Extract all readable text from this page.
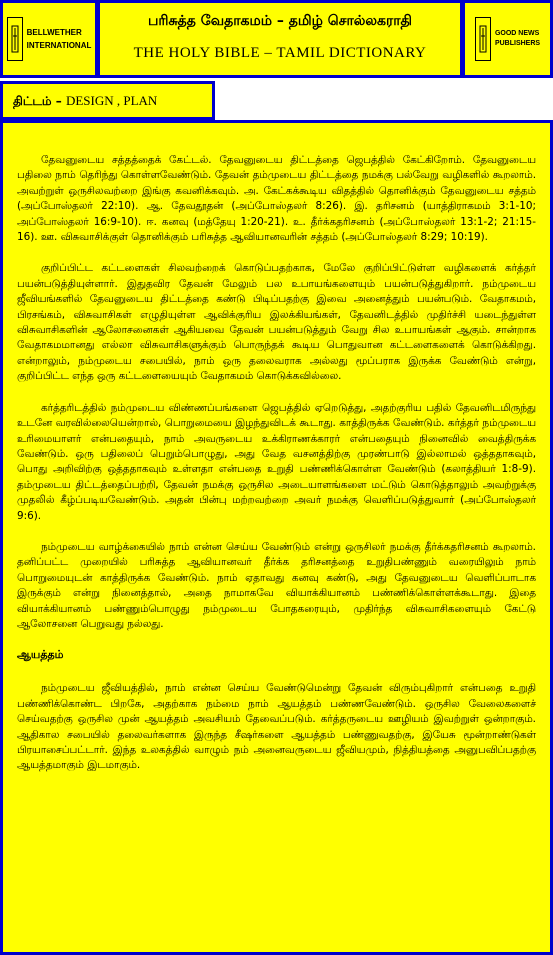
BELLWETHER
INTERNATIONAL
பரிசுத்த வேதாகமம் – தமிழ் சொல்லகராதி
THE HOLY BIBLE – TAMIL DICTIONARY
GOOD NEWS
PUBLISHERS
திட்டம் – DESIGN , PLAN

தேவனுடைய சத்தத்தைக் கேட்டல். தேவனுடைய திட்டத்தை ஜெபத்தில் கேட்கிறோம். தேவனுடைய பதிலை நாம் தெரிந்து கொள்ளவேண்டும். தேவன் தம்முடைய திட்டத்தை நமக்கு பல்வேறு வழிகளில் கூறலாம். அவற்றுள் ஒருசிலவற்றை இங்கு கவனிக்கவும். அ. கேட்கக்கூடிய விதத்தில் தொனிக்கும் தேவனுடைய சத்தம் (அப்போஸ்தலர் 22:10). ஆ. தேவதூதன் (அப்போஸ்தலர் 8:26). இ. தரிசனம் (யாத்திராகமம் 3:1-10; அப்போஸ்தலர் 16:9-10). ஈ. கனவு (மத்தேயு 1:20-21). உ. தீர்க்கதரிசனம் (அப்போஸ்தலர் 13:1-2; 21:15-16). ஊ. விசுவாசிக்குள் தொனிக்கும் பரிசுத்த ஆவியானவரின் சத்தம் (அப்போஸ்தலர் 8:29; 10:19).

குறிப்பிட்ட கட்டளைகள் சிலவற்றைக் கொடுப்பதற்காக, மேலே குறிப்பிட்டுள்ள வழிகளைக் கர்த்தர் பயன்படுத்தியுள்ளார். இதுதவிர தேவன் மேலும் பல உபாயங்களையும் பயன்படுத்துகிறார். நம்முடைய ஜீவியங்களில் தேவனுடைய திட்டத்தை கண்டு பிடிப்பதற்கு இவை அனைத்தும் பயன்படும். வேதாகமம், பிரசங்கம், விசுவாசிகள் எழுதியுள்ள ஆவிக்குரிய இலக்கியங்கள், தேவனிடத்தில் முதிர்ச்சி யடைந்துள்ள விசுவாசிகளின் ஆலோசனைகள் ஆகியவை தேவன் பயன்படுத்தும் வேறு சில உபாயங்கள் ஆகும். சான்றாக வேதாகமமானது எல்லா விசுவாசிகளுக்கும் பொருந்தக் கூடிய பொதுவான கட்டளைகளைக் கொடுக்கிறது. என்றாலும், நம்முடைய சபையில், நாம் ஒரு தலைவராக அல்லது மூப்பராக இருக்க வேண்டும் என்று, குறிப்பிட்ட எந்த ஒரு கட்டளையையும் வேதாகமம் கொடுக்கவில்லை.

கர்த்தரிடத்தில் நம்முடைய விண்ணப்பங்களை ஜெபத்தில் ஏறெடுத்து, அதற்குரிய பதில் தேவனிடமிருந்து உடனே வரவில்லையென்றால், பொறுமையை இழந்துவிடக் கூடாது. காத்திருக்க வேண்டும். கர்த்தர் நம்முடைய உரிமையாளர் என்பதையும், நாம் அவருடைய உக்கிராணக்காரர் என்பதையும் நினைவில் வைத்திருக்க வேண்டும். ஒரு பதிலைப் பெறும்பொழுது, அது வேத வசனத்திற்கு முரண்பாடு இல்லாமல் ஒத்ததாகவும், பொது அறிவிற்கு ஒத்ததாகவும் உள்ளதா என்பதை உறுதி பண்ணிக்கொள்ள வேண்டும் (கலாத்தியர் 1:8-9). தம்முடைய திட்டத்தைப்பற்றி, தேவன் நமக்கு ஒருசில அடையாளங்களை மட்டும் கொடுத்தாலும் அவற்றுக்கு முதலில் கீழ்ப்படியவேண்டும். அதன் பின்பு மற்றவற்றை அவர் நமக்கு வெளிப்படுத்துவார் (அப்போஸ்தலர் 9:6).

நம்முடைய வாழ்க்கையில் நாம் என்ன செய்ய வேண்டும் என்று ஒருசிலர் நமக்கு தீர்க்கதரிசனம் கூறலாம். தனிப்பட்ட முறையில் பரிசுத்த ஆவியானவர் தீர்க்க தரிசனத்தை உறுதிபண்ணும் வரையிலும் நாம் பொறுமையுடன் காத்திருக்க வேண்டும். நாம் ஏதாவது கனவு கண்டு, அது தேவனுடைய வெளிப்பாடாக இருக்கும் என்று நினைத்தால், அதை நாமாகவே வியாக்கியானம் பண்ணிக்கொள்ளக்கூடாது. இதை வியாக்கியானம் பண்ணும்பொழுது நம்முடைய போதகரையும், முதிர்ந்த விசுவாசிகளையும் கேட்டு ஆலோசனை பெறுவது நல்லது.

ஆயத்தம்

நம்முடைய ஜீவியத்தில், நாம் என்ன செய்ய வேண்டுமென்று தேவன் விரும்புகிறார் என்பதை உறுதி பண்ணிக்கொண்ட பிறகே, அதற்காக நம்மை நாம் ஆயத்தம் பண்ணவேண்டும். ஒருசில வேலைகளைச் செய்வதற்கு ஒருசில முன் ஆயத்தம் அவசியம் தேவைப்படும். கர்த்தருடைய ஊழியம் இவற்றுள் ஒன்றாகும். ஆதிகால சபையில் தலைவர்களாக இருந்த சீஷர்களை ஆயத்தம் பண்ணுவதற்கு, இயேசு மூன்றாண்டுகள் பிரயாசைப்பட்டார். இந்த உலகத்தில் வாழும் நம் அனைவருடைய ஜீவியமும், நித்தியத்தை அனுபவிப்பதற்கு ஆயத்தமாகும் இடமாகும்.
